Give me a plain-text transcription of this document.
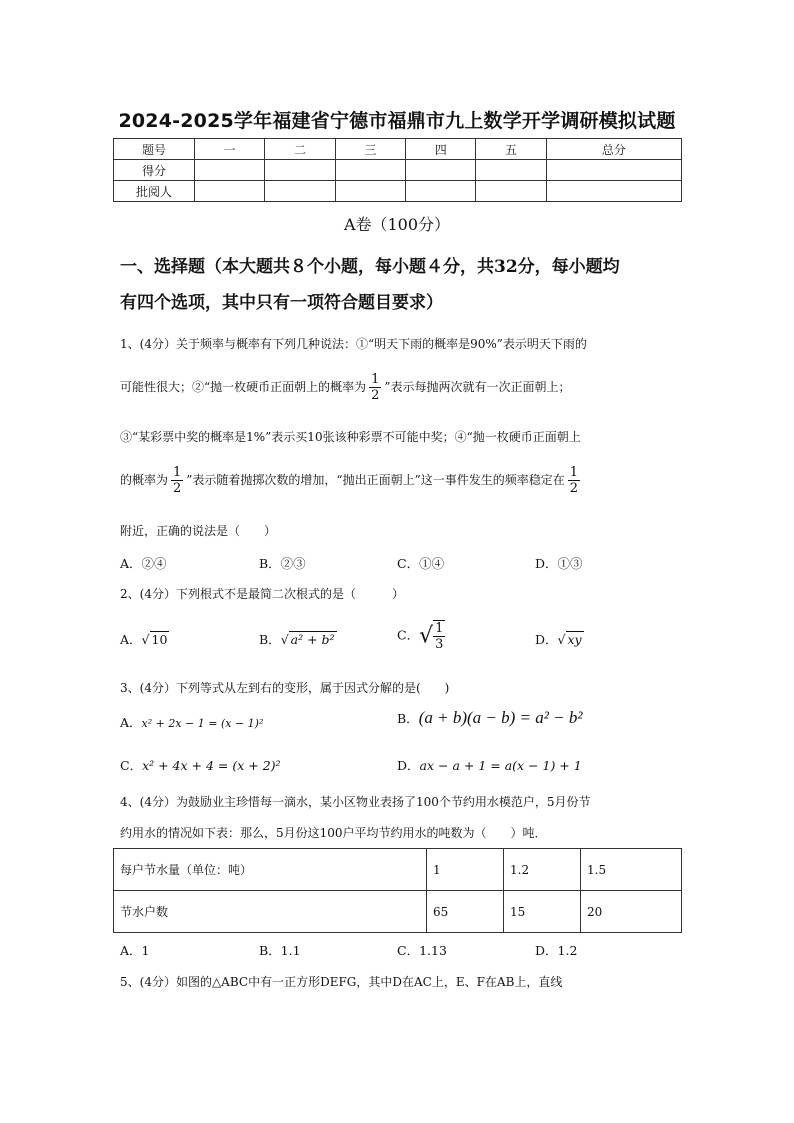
2024-2025学年福建省宁德市福鼎市九上数学开学调研模拟试题
题号	一	二	三	四	五	总分
得分						
批阅人						
A卷（100分）
一、选择题（本大题共８个小题，每小题４分，共32分，每小题均
有四个选项，其中只有一项符合题目要求）
1、(4分）关于频率与概率有下列几种说法：①“明天下雨的概率是90%”表示明天下雨的
可能性很大；②“抛一枚硬币正面朝上的概率为 $\frac{1}{2}$ ”表示每抛两次就有一次正面朝上；
③“某彩票中奖的概率是1%”表示买10张该种彩票不可能中奖；④“抛一枚硬币正面朝上
的概率为 $\frac{1}{2}$ ”表示随着抛掷次数的增加，“抛出正面朝上”这一事件发生的频率稳定在 $\frac{1}{2}$
附近，正确的说法是（　　）
A．②④	B．②③	C．①④	D．①③
2、(4分）下列根式不是最简二次根式的是（　　　）
A．√ 10	B．√ a² + b²	C．√ $\frac{1}{3}$	D．√ xy
3、(4分）下列等式从左到右的变形，属于因式分解的是(　　)
A．x² + 2x − 1 = (x − 1)²	B．(a + b)(a − b) = a² − b²
C．x² + 4x + 4 = (x + 2)²	D．ax − a + 1 = a(x − 1) + 1
4、(4分）为鼓励业主珍惜每一滴水，某小区物业表扬了100个节约用水模范户，5月份节
约用水的情况如下表：那么，5月份这100户平均节约用水的吨数为（　　）吨．
每户节水量（单位：吨）	1	1.2	1.5
节水户数	65	15	20
A．1	B．1.1	C．1.13	D．1.2
5、(4分）如图的△ABC中有一正方形DEFG，其中D在AC上，E、F在AB上，直线
